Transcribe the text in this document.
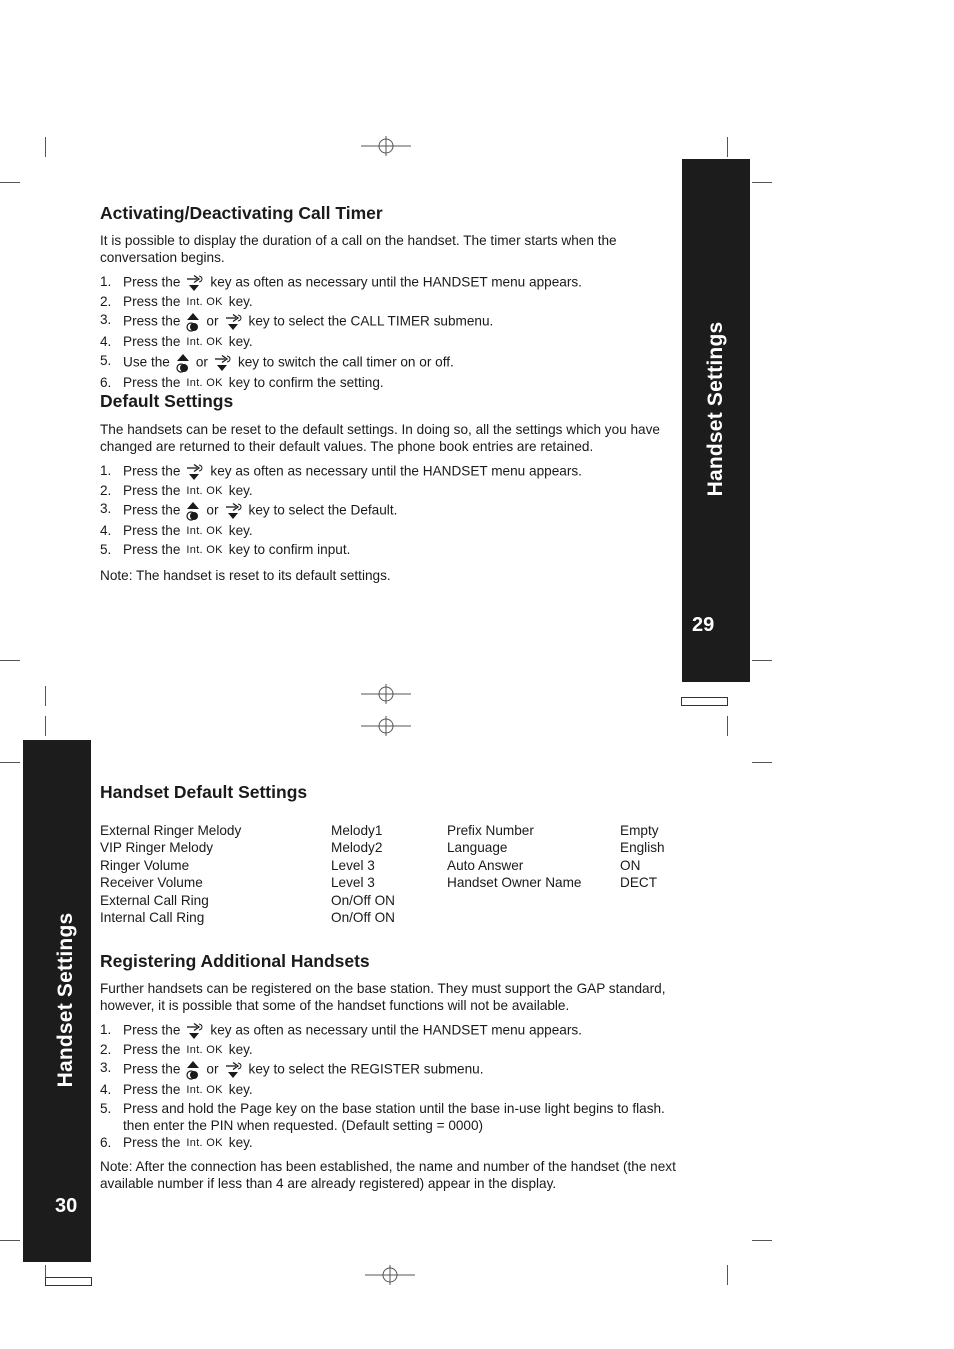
Handset Settings
29
Handset Settings
30
Activating/Deactivating Call Timer

It is possible to display the duration of a call on the handset. The timer starts when the conversation begins.

1. Press the key as often as necessary until the HANDSET menu appears.
2. Press the Int. OK key.
3. Press the or key to select the CALL TIMER submenu.
4. Press the Int. OK key.
5. Use the or key to switch the call timer on or off.
6. Press the Int. OK key to confirm the setting.
Default Settings

The handsets can be reset to the default settings. In doing so, all the settings which you have changed are returned to their default values. The phone book entries are retained.

1. Press the key as often as necessary until the HANDSET menu appears.
2. Press the Int. OK key.
3. Press the or key to select the Default.
4. Press the Int. OK key.
5. Press the Int. OK key to confirm input.

Note: The handset is reset to its default settings.

Handset Default Settings
External Ringer Melody	Melody1	Prefix Number	Empty
VIP Ringer Melody	Melody2	Language	English
Ringer Volume	Level 3	Auto Answer	ON
Receiver Volume	Level 3	Handset Owner Name	DECT
External Call Ring	On/Off ON		
Internal Call Ring	On/Off ON		
Registering Additional Handsets

Further handsets can be registered on the base station. They must support the GAP standard, however, it is possible that some of the handset functions will not be available.

1. Press the key as often as necessary until the HANDSET menu appears.
2. Press the Int. OK key.
3. Press the or key to select the REGISTER submenu.
4. Press the Int. OK key.
5. Press and hold the Page key on the base station until the base in-use light begins to flash. then enter the PIN when requested. (Default setting = 0000)
6. Press the Int. OK key.

Note: After the connection has been established, the name and number of the handset (the next available number if less than 4 are already registered) appear in the display.
